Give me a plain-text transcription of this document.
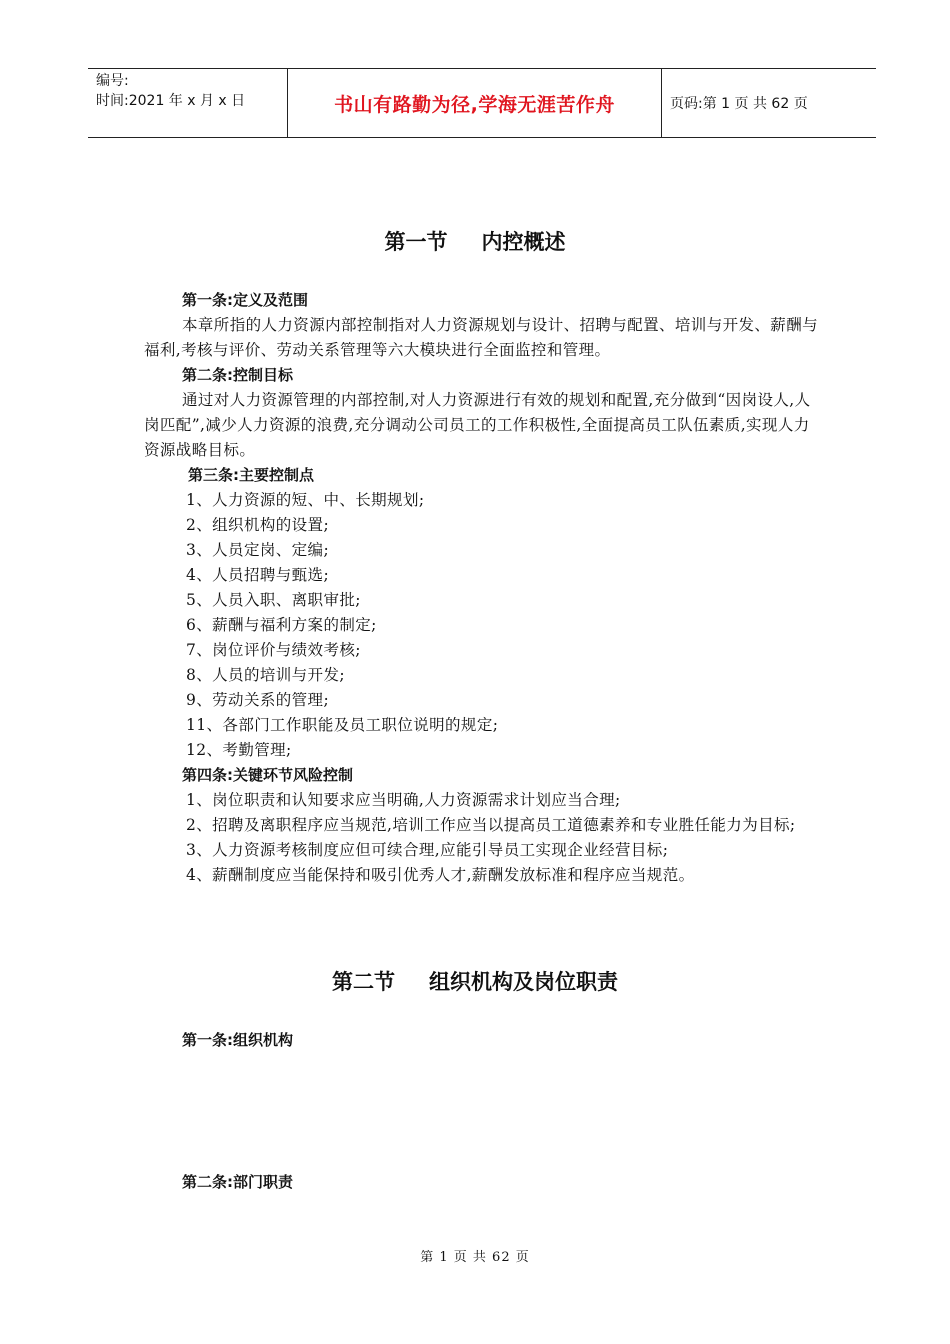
编号:
时间:2021 年 x 月 x 日	书山有路勤为径,学海无涯苦作舟	页码:第 1 页 共 62 页
第一节 内控概述
第一条:定义及范围
本章所指的人力资源内部控制指对人力资源规划与设计、招聘与配置、培训与开发、薪酬与福利,考核与评价、劳动关系管理等六大模块进行全面监控和管理。
第二条:控制目标
通过对人力资源管理的内部控制,对人力资源进行有效的规划和配置,充分做到“因岗设人,人岗匹配”,减少人力资源的浪费,充分调动公司员工的工作积极性,全面提高员工队伍素质,实现人力资源战略目标。
第三条:主要控制点
1、人力资源的短、中、长期规划;
2、组织机构的设置;
3、人员定岗、定编;
4、人员招聘与甄选;
5、人员入职、离职审批;
6、薪酬与福利方案的制定;
7、岗位评价与绩效考核;
8、人员的培训与开发;
9、劳动关系的管理;
11、各部门工作职能及员工职位说明的规定;
12、考勤管理;
第四条:关键环节风险控制
1、岗位职责和认知要求应当明确,人力资源需求计划应当合理;
2、招聘及离职程序应当规范,培训工作应当以提高员工道德素养和专业胜任能力为目标;
3、人力资源考核制度应但可续合理,应能引导员工实现企业经营目标;
4、薪酬制度应当能保持和吸引优秀人才,薪酬发放标准和程序应当规范。
第二节 组织机构及岗位职责
第一条:组织机构
第二条:部门职责
第 1 页 共 62 页
